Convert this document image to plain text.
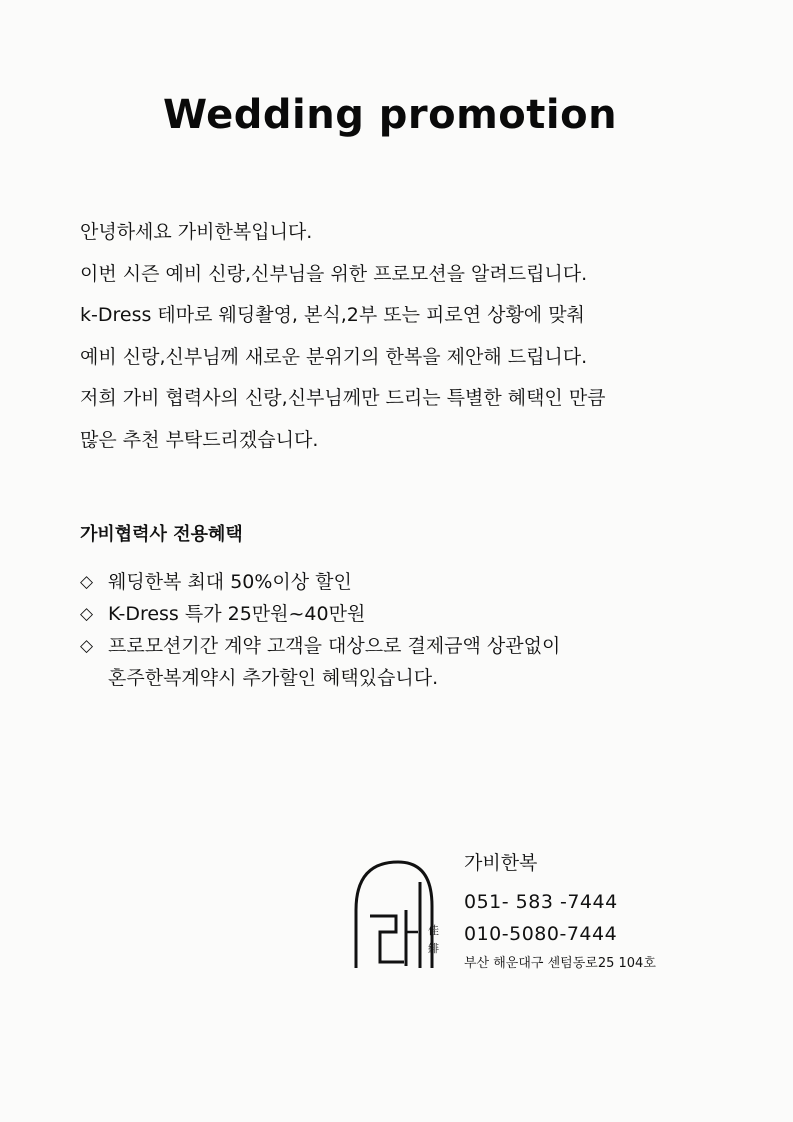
Wedding promotion

안녕하세요 가비한복입니다.

이번 시즌 예비 신랑,신부님을 위한 프로모션을 알려드립니다.

k-Dress 테마로 웨딩촬영, 본식,2부 또는 피로연 상황에 맞춰

예비 신랑,신부님께 새로운 분위기의 한복을 제안해 드립니다.

저희 가비 협력사의 신랑,신부님께만 드리는 특별한 혜택인 만큼

많은 추천 부탁드리겠습니다.

가비협력사 전용혜택
◇ 웨딩한복 최대 50%이상 할인
◇ K-Dress 특가 25만원~40만원
◇ 프로모션기간 계약 고객을 대상으로 결제금액 상관없이
혼주한복계약시 추가할인 혜택있습니다.
佳
緋
가비한복
051- 583 -7444
010-5080-7444
부산 해운대구 센텀동로25 104호
